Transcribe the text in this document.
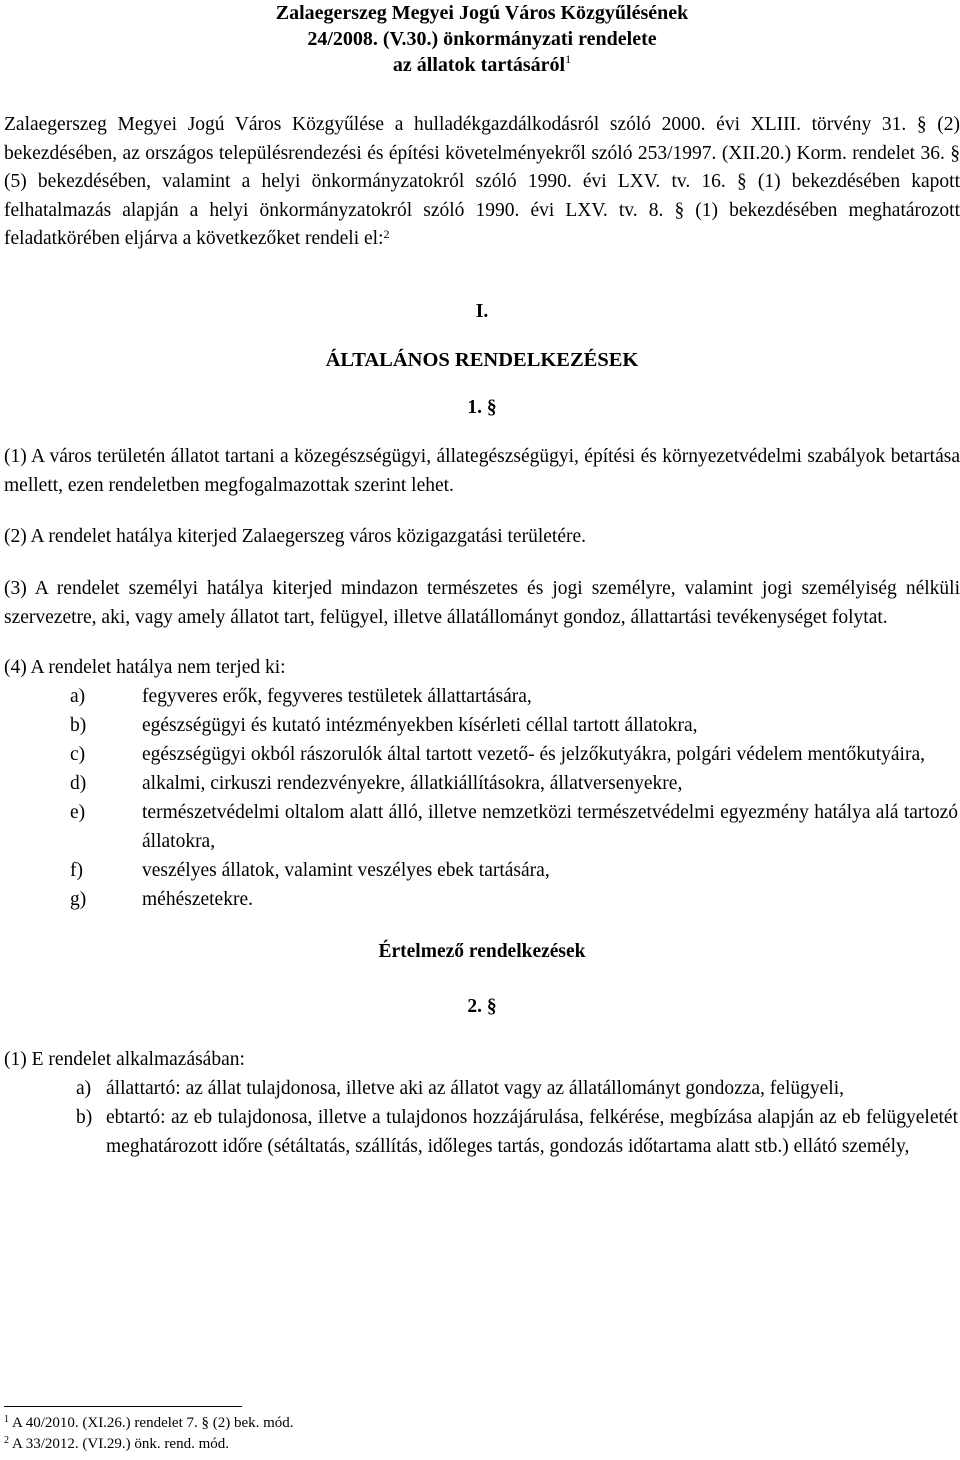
Zalaegerszeg Megyei Jogú Város Közgyűlésének
24/2008. (V.30.) önkormányzati rendelete
az állatok tartásáról$^1$

Zalaegerszeg Megyei Jogú Város Közgyűlése a hulladékgazdálkodásról szóló 2000. évi XLIII. törvény 31. § (2) bekezdésében, az országos településrendezési és építési követelményekről szóló 253/1997. (XII.20.) Korm. rendelet 36. § (5) bekezdésében, valamint a helyi önkormányzatokról szóló 1990. évi LXV. tv. 16. § (1) bekezdésében kapott felhatalmazás alapján a helyi önkormányzatokról szóló 1990. évi LXV. tv. 8. § (1) bekezdésében meghatározott feladatkörében eljárva a következőket rendeli el:$^2$

I.
ÁLTALÁNOS RENDELKEZÉSEK
1. §

(1) A város területén állatot tartani a közegészségügyi, állategészségügyi, építési és környezetvédelmi szabályok betartása mellett, ezen rendeletben megfogalmazottak szerint lehet.

(2) A rendelet hatálya kiterjed Zalaegerszeg város közigazgatási területére.

(3) A rendelet személyi hatálya kiterjed mindazon természetes és jogi személyre, valamint jogi személyiség nélküli szervezetre, aki, vagy amely állatot tart, felügyel, illetve állatállományt gondoz, állattartási tevékenységet folytat.

(4) A rendelet hatálya nem terjed ki:

a)	fegyveres erők, fegyveres testületek állattartására,
b)	egészségügyi és kutató intézményekben kísérleti céllal tartott állatokra,
c)	egészségügyi okból rászorulók által tartott vezető- és jelzőkutyákra, polgári védelem mentőkutyáira,
d)	alkalmi, cirkuszi rendezvényekre, állatkiállításokra, állatversenyekre,
e)	természetvédelmi oltalom alatt álló, illetve nemzetközi természetvédelmi egyezmény hatálya alá tartozó állatokra,
f)	veszélyes állatok, valamint veszélyes ebek tartására,
g)	méhészetekre.
Értelmező rendelkezések
2. §

(1) E rendelet alkalmazásában:

a) állattartó: az állat tulajdonosa, illetve aki az állatot vagy az állatállományt gondozza, felügyeli,
b) ebtartó: az eb tulajdonosa, illetve a tulajdonos hozzájárulása, felkérése, megbízása alapján az eb felügyeletét meghatározott időre (sétáltatás, szállítás, időleges tartás, gondozás időtartama alatt stb.) ellátó személy,
$^1$ A 40/2010. (XI.26.) rendelet 7. § (2) bek. mód.
$^2$ A 33/2012. (VI.29.) önk. rend. mód.
